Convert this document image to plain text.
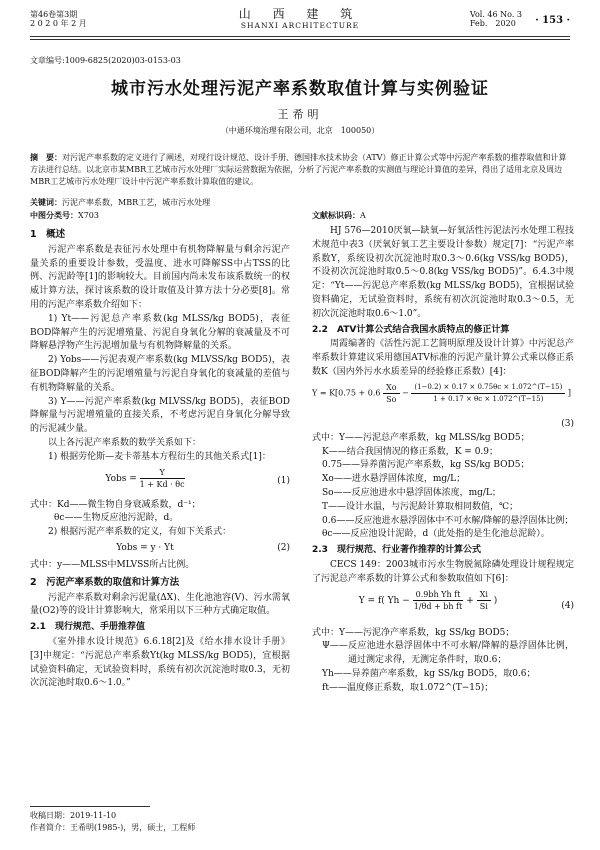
第46卷第3期
2 0 2 0 年 2 月
山 西 建 筑
SHANXI ARCHITECTURE
Vol. 46 No. 3
Feb.　2020	· 153 ·
文章编号:1009-6825(2020)03-0153-03
城市污水处理污泥产率系数取值计算与实例验证
王希明
（中通环境治理有限公司，北京　100050）
摘　要：对污泥产率系数的定义进行了阐述，对现行设计规范、设计手册、德国排水技术协会（ATV）修正计算公式等中污泥产率系数的推荐取值和计算方法进行总结。以北京市某MBR工艺城市污水处理厂实际运营数据为依据，分析了污泥产率系数的实测值与理论计算值的差异，得出了适用北京及周边MBR工艺城市污水处理厂设计中污泥产率系数计算取值的建议。
关键词：污泥产率系数，MBR工艺，城市污水处理
中图分类号：X703	文献标识码：A
1　概述

污泥产率系数是表征污水处理中有机物降解量与剩余污泥产量关系的重要设计参数，受温度、进水可降解SS中占TSS的比例、污泥龄等[1]的影响较大。目前国内尚未发布该系数统一的权威计算方法，探讨该系数的设计取值及计算方法十分必要[8]。常用的污泥产率系数介绍如下：

1) Yt——污泥总产率系数(kg MLSS/kg BOD5)，表征BOD降解产生的污泥增殖量、污泥自身氧化分解的衰减量及不可降解悬浮物产生污泥增加量与有机物降解量的关系。

2) Yobs——污泥表观产率系数(kg MLVSS/kg BOD5)，表征BOD降解产生的污泥增殖量与污泥自身氧化的衰减量的差值与有机物降解量的关系。

3) Y——污泥产率系数(kg MLVSS/kg BOD5)，表征BOD降解量与污泥增殖量的直接关系，不考虑污泥自身氧化分解导致的污泥减少量。

以上各污泥产率系数的数学关系如下：

1) 根据劳伦斯—麦卡蒂基本方程衍生的其他关系式[1]：

Yobs = $\frac{Y}{1 + Kd \cdot \theta c}$	(1)

式中：Kd——微生物自身衰减系数，d⁻¹；

θc——生物反应池污泥龄，d。

2) 根据污泥产率系数的定义，有如下关系式：

Yobs = y · Yt	(2)

式中：y——MLSS中MLVSS所占比例。

2　污泥产率系数的取值和计算方法

污泥产率系数对剩余污泥量(ΔX)、生化池池容(V)、污水需氧量(O2)等的设计计算影响大，常采用以下三种方式确定取值。

2.1　现行规范、手册推荐值

《室外排水设计规范》6.6.18[2]及《给水排水设计手册》[3]中规定：“污泥总产率系数Yt(kg MLSS/kg BOD5)，宜根据试验资料确定，无试验资料时，系统有初次沉淀池时取0.3，无初次沉淀池时取0.6～1.0。”

收稿日期：2019-11-10
作者简介：王希明(1985-)，男，硕士，工程师

HJ 576—2010厌氧—缺氧—好氧活性污泥法污水处理工程技术规范中表3（厌氧好氧工艺主要设计参数）规定[7]：“污泥产率系数Y，系统设初次沉淀池时取0.3～0.6(kg VSS/kg BOD5)，不设初次沉淀池时取0.5～0.8(kg VSS/kg BOD5)”。6.4.3中规定：“Yt——污泥总产率系数(kg MLSS/kg BOD5)，宜根据试验资料确定，无试验资料时，系统有初次沉淀池时取0.3～0.5，无初次沉淀池时取0.6～1.0”。

2.2　ATV计算公式结合我国水质特点的修正计算

周霞编著的《活性污泥工艺简明原理及设计计算》中污泥总产率系数计算建议采用德国ATV标准的污泥产量计算公式乘以修正系数K（国内外污水水质差异的经验修正系数）[4]：

$Y = K[0.75 + 0.6 \frac{Xo}{So} - \frac{(1-0.2) \times 0.17 \times 0.75\theta c \times 1.072\^{}(T-15)}{1 + 0.17 \times \theta c \times 1.072\^{}(T-15)}$ ]
(3)
式中：Y——污泥总产率系数，kg MLSS/kg BOD5；
K——结合我国情况的修正系数，K = 0.9；
0.75——异养菌污泥产率系数，kg SS/kg BOD5；
Xo——进水悬浮固体浓度，mg/L；
So——反应池进水中悬浮固体浓度，mg/L；
T——设计水温，与污泥龄计算取相同数值，℃；
0.6——反应池进水悬浮固体中不可水解/降解的悬浮固体比例；
θc——反应池设计泥龄，d（此处指的是生化池总泥龄）。
2.3　现行规范、行业著作推荐的计算公式

CECS 149：2003城市污水生物脱氮除磷处理设计规程规定了污泥总产率系数的计算公式和参数取值如下[6]：

Y = f( $Yh - \frac{\text{0.9bh Yh ft}}{\text{1/θd + bh ft}} + \frac{Xi}{Si}$ )	(4)
式中：Y——污泥净产率系数，kg SS/kg BOD5；
Ψ——反应池进水悬浮固体中不可水解/降解的悬浮固体比例，通过测定求得，无测定条件时，取0.6；
Yh——异养菌产率系数，kg SS/kg BOD5，取0.6；
ft——温度修正系数，取1.072^(T−15)；
